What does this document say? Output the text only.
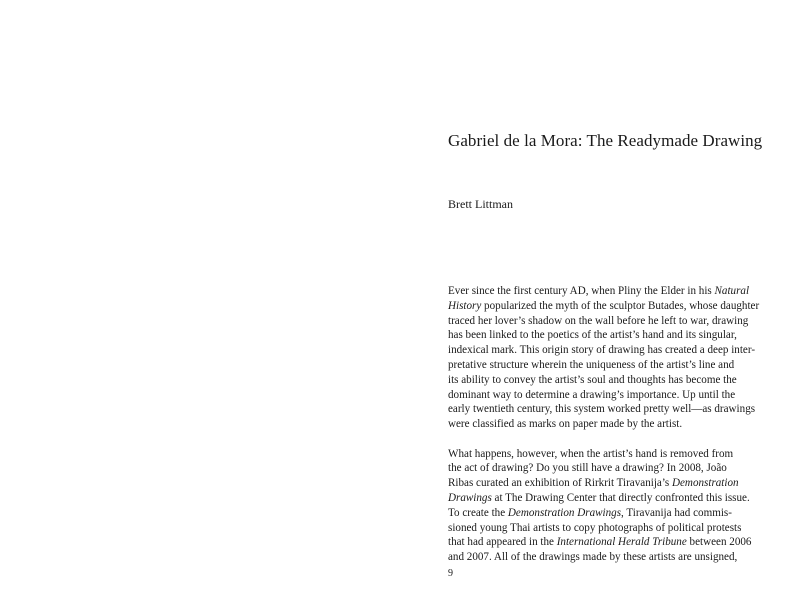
Gabriel de la Mora: The Readymade Drawing

Brett Littman

Ever since the first century AD, when Pliny the Elder in his Natural
History popularized the myth of the sculptor Butades, whose daughter
traced her lover’s shadow on the wall before he left to war, drawing
has been linked to the poetics of the artist’s hand and its singular,
indexical mark. This origin story of drawing has created a deep inter-
pretative structure wherein the uniqueness of the artist’s line and
its ability to convey the artist’s soul and thoughts has become the
dominant way to determine a drawing’s importance. Up until the
early twentieth century, this system worked pretty well—as drawings
were classified as marks on paper made by the artist.
What happens, however, when the artist’s hand is removed from
the act of drawing? Do you still have a drawing? In 2008, João
Ribas curated an exhibition of Rirkrit Tiravanija’s Demonstration
Drawings at The Drawing Center that directly confronted this issue.
To create the Demonstration Drawings, Tiravanija had commis-
sioned young Thai artists to copy photographs of political protests
that had appeared in the International Herald Tribune between 2006
and 2007. All of the drawings made by these artists are unsigned,

9
